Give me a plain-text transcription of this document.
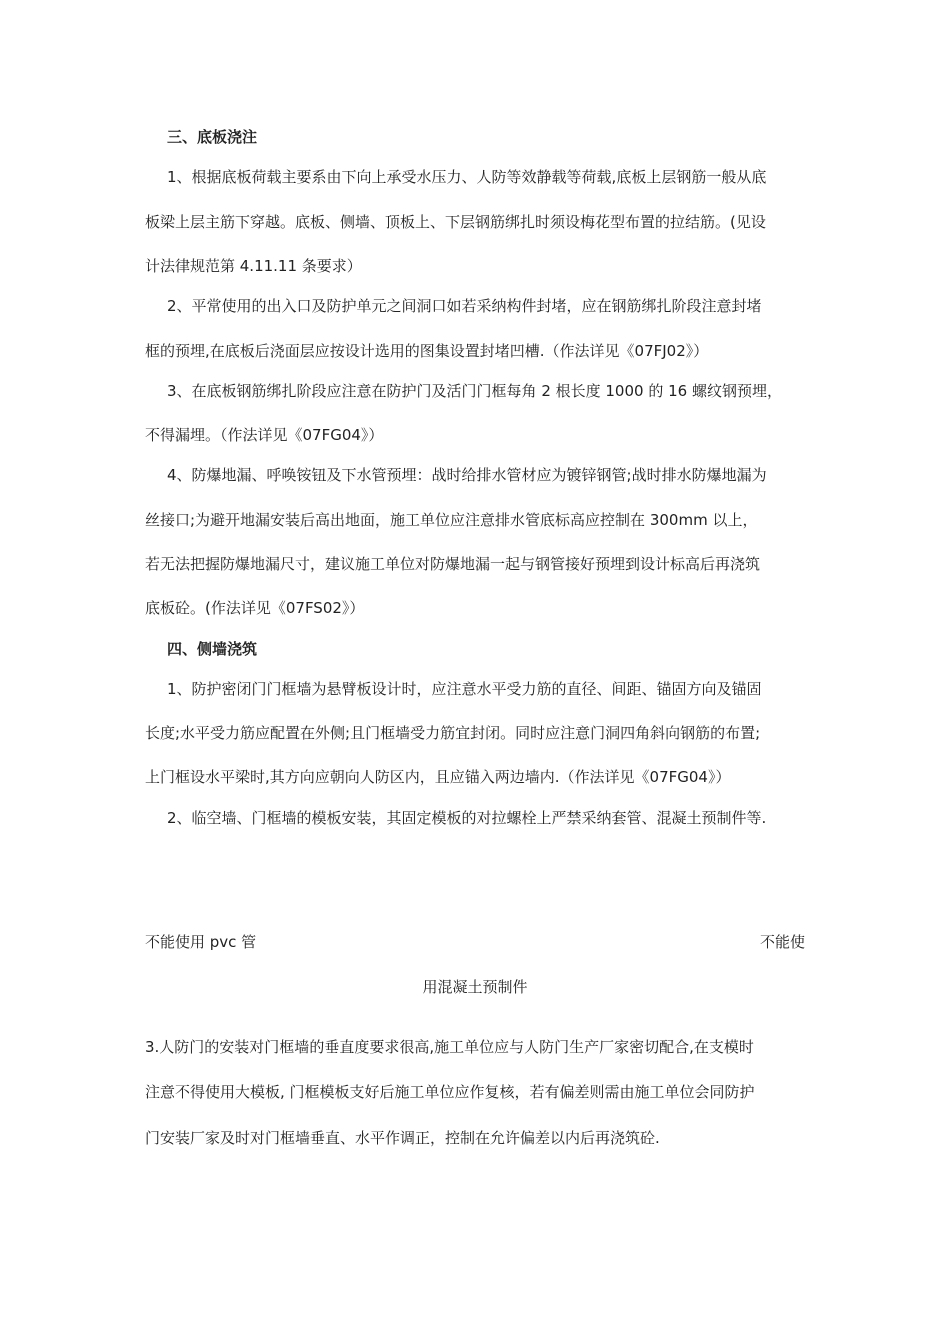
三、底板浇注
1、根据底板荷载主要系由下向上承受水压力、人防等效静载等荷载,底板上层钢筋一般从底
板梁上层主筋下穿越。底板、侧墙、顶板上、下层钢筋绑扎时须设梅花型布置的拉结筋。(见设
计法律规范第 4.11.11 条要求）
2、平常使用的出入口及防护单元之间洞口如若采纳构件封堵，应在钢筋绑扎阶段注意封堵
框的预埋,在底板后浇面层应按设计选用的图集设置封堵凹槽.（作法详见《07FJ02》）
3、在底板钢筋绑扎阶段应注意在防护门及活门门框每角 2 根长度 1000 的 16 螺纹钢预埋，
不得漏埋。（作法详见《07FG04》）
4、防爆地漏、呼唤铵钮及下水管预埋：战时给排水管材应为镀锌钢管;战时排水防爆地漏为
丝接口;为避开地漏安装后高出地面，施工单位应注意排水管底标高应控制在 300mm 以上，
若无法把握防爆地漏尺寸，建议施工单位对防爆地漏一起与钢管接好预埋到设计标高后再浇筑
底板砼。(作法详见《07FS02》）
四、侧墙浇筑
1、防护密闭门门框墙为悬臂板设计时，应注意水平受力筋的直径、间距、锚固方向及锚固
长度;水平受力筋应配置在外侧;且门框墙受力筋宜封闭。同时应注意门洞四角斜向钢筋的布置;
上门框设水平梁时,其方向应朝向人防区内，且应锚入两边墙内.（作法详见《07FG04》）
2、临空墙、门框墙的模板安装，其固定模板的对拉螺栓上严禁采纳套管、混凝土预制件等.
不能使用 pvc 管	不能使
用混凝土预制件
3.人防门的安装对门框墙的垂直度要求很高,施工单位应与人防门生产厂家密切配合,在支模时
注意不得使用大模板, 门框模板支好后施工单位应作复核，若有偏差则需由施工单位会同防护
门安装厂家及时对门框墙垂直、水平作调正，控制在允许偏差以内后再浇筑砼.
